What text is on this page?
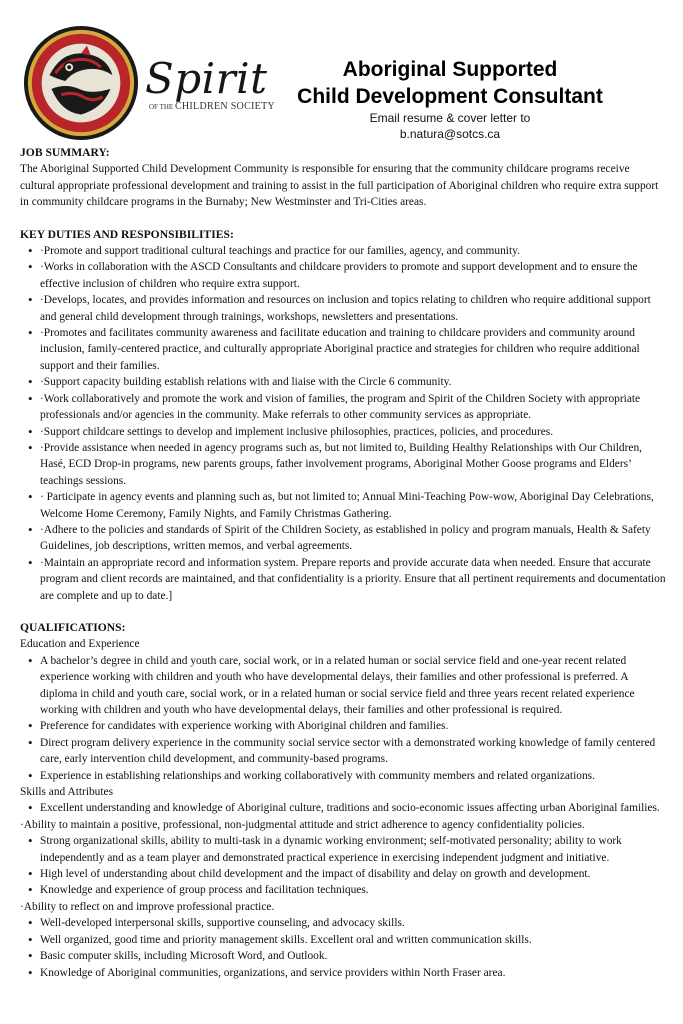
Spirit
OF THE CHILDREN SOCIETY
Aboriginal Supported
Child Development Consultant
Email resume & cover letter to
b.natura@sotcs.ca

JOB SUMMARY:

The Aboriginal Supported Child Development Community is responsible for ensuring that the community childcare programs receive cultural appropriate professional development and training to assist in the full participation of Aboriginal children who require extra support in community childcare programs in the Burnaby; New Westminster and Tri-Cities areas.

KEY DUTIES AND RESPONSIBILITIES:

• ·Promote and support traditional cultural teachings and practice for our families, agency, and community.
• ·Works in collaboration with the ASCD Consultants and childcare providers to promote and support development and to ensure the effective inclusion of children who require extra support.
• ·Develops, locates, and provides information and resources on inclusion and topics relating to children who require additional support and general child development through trainings, workshops, newsletters and presentations.
• ·Promotes and facilitates community awareness and facilitate education and training to childcare providers and community around inclusion, family-centered practice, and culturally appropriate Aboriginal practice and strategies for children who require additional support and their families.
• ·Support capacity building establish relations with and liaise with the Circle 6 community.
• ·Work collaboratively and promote the work and vision of families, the program and Spirit of the Children Society with appropriate professionals and/or agencies in the community. Make referrals to other community services as appropriate.
• ·Support childcare settings to develop and implement inclusive philosophies, practices, policies, and procedures.
• ·Provide assistance when needed in agency programs such as, but not limited to, Building Healthy Relationships with Our Children, Hasé, ECD Drop-in programs, new parents groups, father involvement programs, Aboriginal Mother Goose programs and Elders’ teachings sessions.
• · Participate in agency events and planning such as, but not limited to; Annual Mini-Teaching Pow-wow, Aboriginal Day Celebrations, Welcome Home Ceremony, Family Nights, and Family Christmas Gathering.
• ·Adhere to the policies and standards of Spirit of the Children Society, as established in policy and program manuals, Health & Safety Guidelines, job descriptions, written memos, and verbal agreements.
• ·Maintain an appropriate record and information system. Prepare reports and provide accurate data when needed. Ensure that accurate program and client records are maintained, and that confidentiality is a priority. Ensure that all pertinent requirements and documentation are complete and up to date.]

QUALIFICATIONS:

Education and Experience

• A bachelor’s degree in child and youth care, social work, or in a related human or social service field and one-year recent related experience working with children and youth who have developmental delays, their families and other professional is preferred. A diploma in child and youth care, social work, or in a related human or social service field and three years recent related experience working with children and youth who have developmental delays, their families and other professional is required.
• Preference for candidates with experience working with Aboriginal children and families.
• Direct program delivery experience in the community social service sector with a demonstrated working knowledge of family centered care, early intervention child development, and community-based programs.
• Experience in establishing relationships and working collaboratively with community members and related organizations.

Skills and Attributes

• Excellent understanding and knowledge of Aboriginal culture, traditions and socio-economic issues affecting urban Aboriginal families.

·Ability to maintain a positive, professional, non-judgmental attitude and strict adherence to agency confidentiality policies.

• Strong organizational skills, ability to multi-task in a dynamic working environment; self-motivated personality; ability to work independently and as a team player and demonstrated practical experience in exercising independent judgment and initiative.
• High level of understanding about child development and the impact of disability and delay on growth and development.
• Knowledge and experience of group process and facilitation techniques.

·Ability to reflect on and improve professional practice.

• Well-developed interpersonal skills, supportive counseling, and advocacy skills.
• Well organized, good time and priority management skills. Excellent oral and written communication skills.
• Basic computer skills, including Microsoft Word, and Outlook.
• Knowledge of Aboriginal communities, organizations, and service providers within North Fraser area.
